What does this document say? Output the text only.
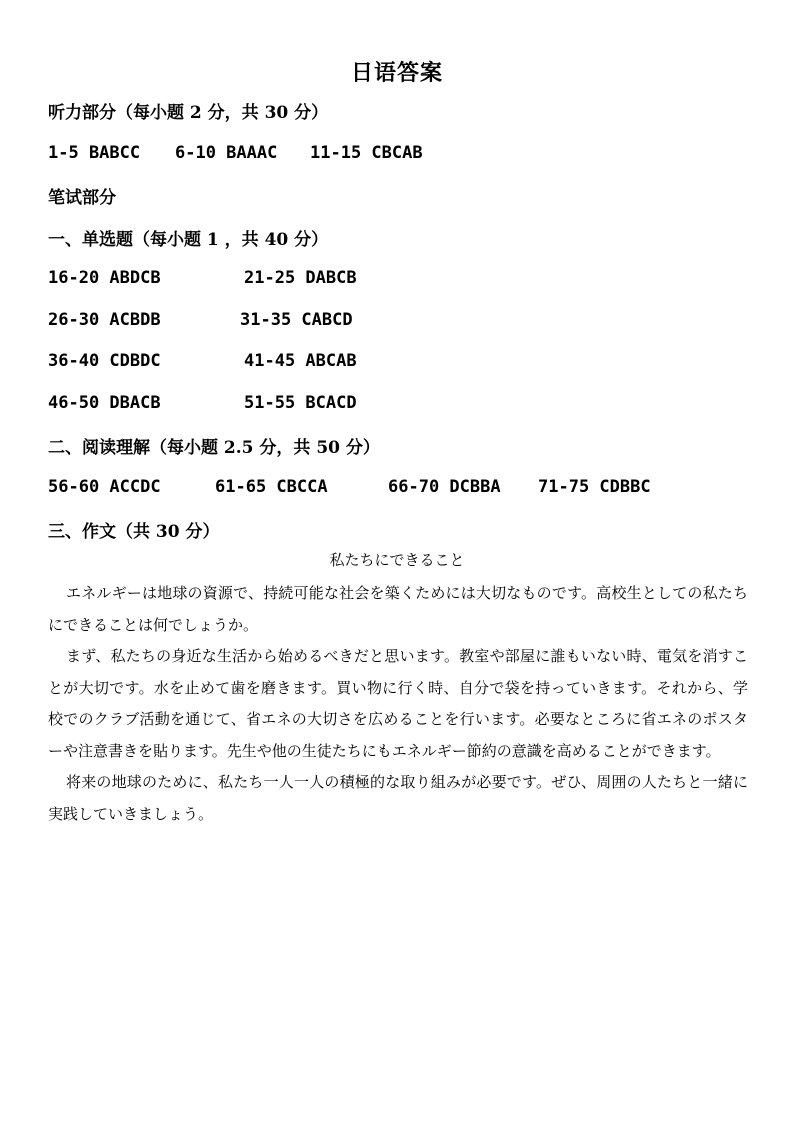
日语答案
听力部分（每小题 2 分，共 30 分）
1-5 BABCC 6-10 BAAAC 11-15 CBCAB
笔试部分
一、单选题（每小题 1 ，共 40 分）
16-20 ABDCB	21-25 DABCB
26-30 ACBDB	31-35 CABCD
36-40 CDBDC	41-45 ABCAB
46-50 DBACB	51-55 BCACD
二、阅读理解（每小题 2.5 分，共 50 分）
56-60 ACCDC	61-65 CBCCA	66-70 DCBBA 71-75 CDBBC
三、作文（共 30 分）
私たちにできること

エネルギーは地球の資源で、持続可能な社会を築くためには大切なものです。高校生としての私たちにできることは何でしょうか。

まず、私たちの身近な生活から始めるべきだと思います。教室や部屋に誰もいない時、電気を消すことが大切です。水を止めて歯を磨きます。買い物に行く時、自分で袋を持っていきます。それから、学校でのクラブ活動を通じて、省エネの大切さを広めることを行います。必要なところに省エネのポスターや注意書きを貼ります。先生や他の生徒たちにもエネルギー節約の意識を高めることができます。

将来の地球のために、私たち一人一人の積極的な取り組みが必要です。ぜひ、周囲の人たちと一緒に実践していきましょう。
